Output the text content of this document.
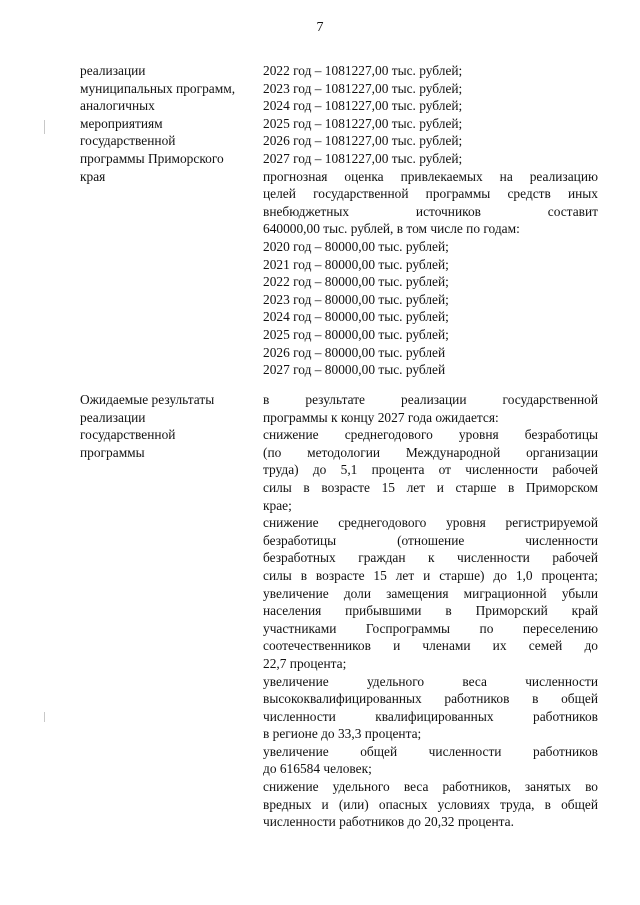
7
реализации
муниципальных программ,
аналогичных
мероприятиям
государственной
программы Приморского
края
2022 год – 1081227,00 тыс. рублей;
2023 год – 1081227,00 тыс. рублей;
2024 год – 1081227,00 тыс. рублей;
2025 год – 1081227,00 тыс. рублей;
2026 год – 1081227,00 тыс. рублей;
2027 год – 1081227,00 тыс. рублей;
прогнозная оценка привлекаемых на реализацию
целей государственной программы средств иных
внебюджетных источников составит
640000,00 тыс. рублей, в том числе по годам:
2020 год – 80000,00 тыс. рублей;
2021 год – 80000,00 тыс. рублей;
2022 год – 80000,00 тыс. рублей;
2023 год – 80000,00 тыс. рублей;
2024 год – 80000,00 тыс. рублей;
2025 год – 80000,00 тыс. рублей;
2026 год – 80000,00 тыс. рублей
2027 год – 80000,00 тыс. рублей
Ожидаемые результаты
реализации
государственной
программы
в результате реализации государственной
программы к концу 2027 года ожидается:
снижение среднегодового уровня безработицы
(по методологии Международной организации
труда) до 5,1 процента от численности рабочей
силы в возрасте 15 лет и старше в Приморском
крае;
снижение среднегодового уровня регистрируемой
безработицы (отношение численности
безработных граждан к численности рабочей
силы в возрасте 15 лет и старше) до 1,0 процента;
увеличение доли замещения миграционной убыли
населения прибывшими в Приморский край
участниками Госпрограммы по переселению
соотечественников и членами их семей до
22,7 процента;
увеличение удельного веса численности
высококвалифицированных работников в общей
численности квалифицированных работников
в регионе до 33,3 процента;
увеличение общей численности работников
до 616584 человек;
снижение удельного веса работников, занятых во
вредных и (или) опасных условиях труда, в общей
численности работников до 20,32 процента.
